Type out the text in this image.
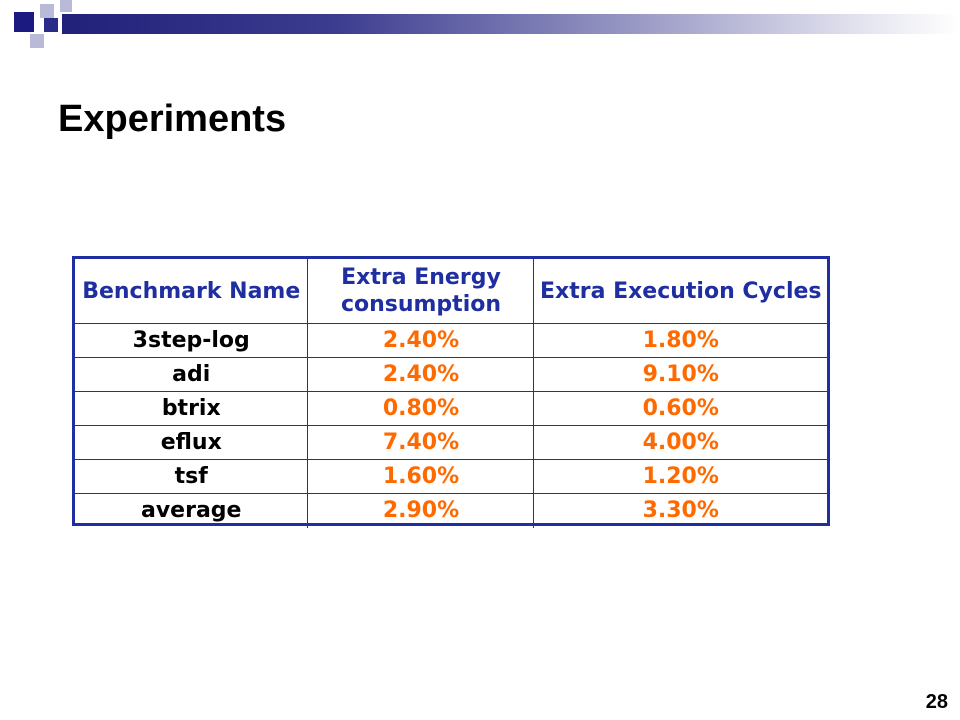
Experiments
Benchmark Name	Extra Energy consumption	Extra Execution Cycles
3step-log	2.40%	1.80%
adi	2.40%	9.10%
btrix	0.80%	0.60%
eflux	7.40%	4.00%
tsf	1.60%	1.20%
average	2.90%	3.30%
28
